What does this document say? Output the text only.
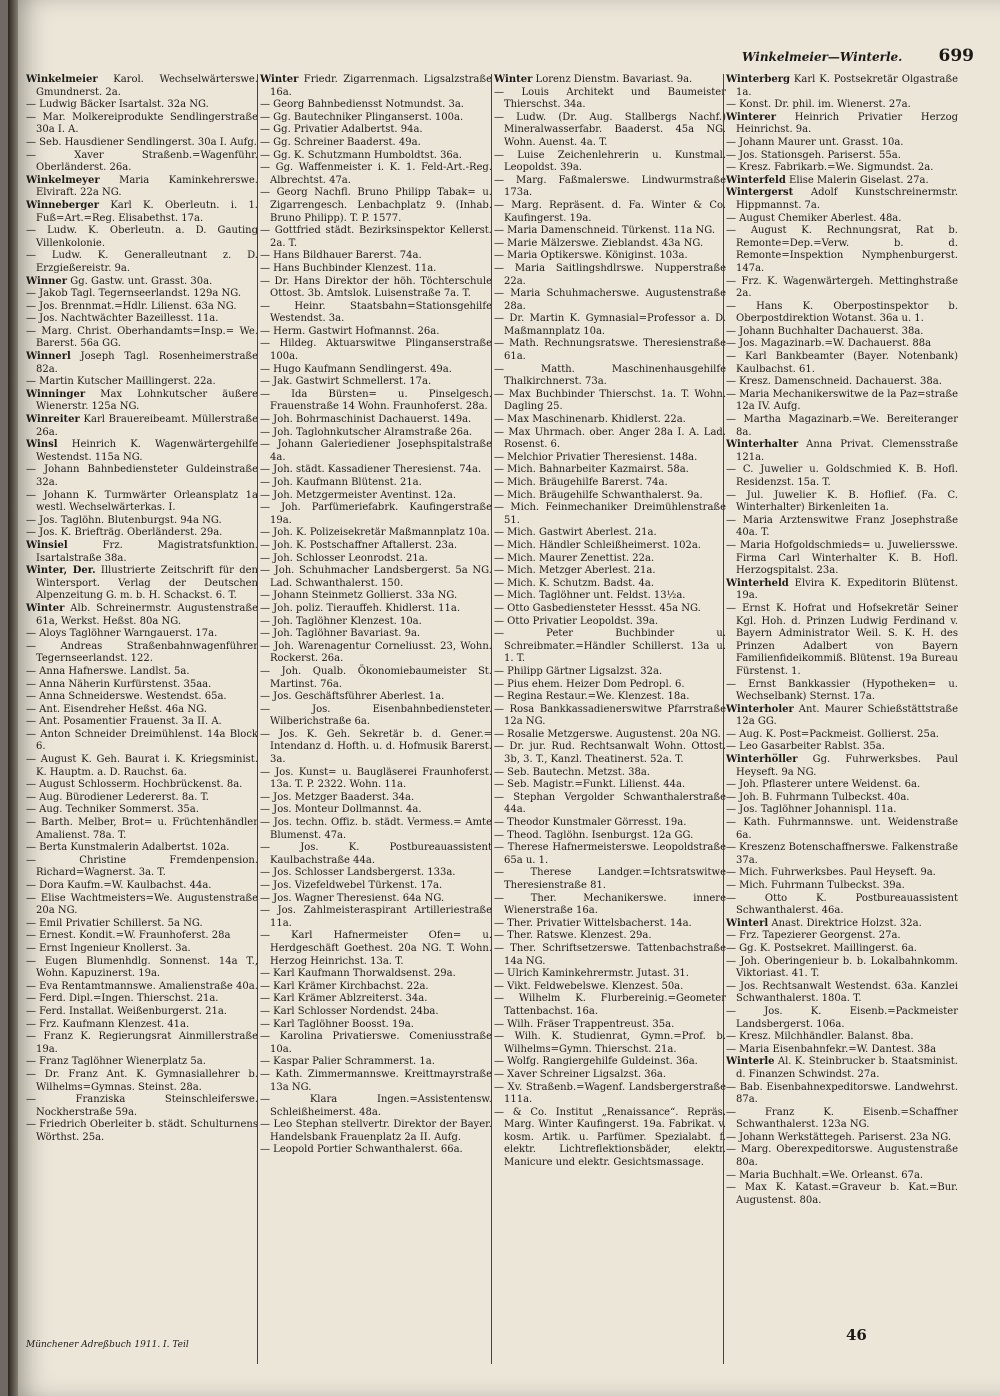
Winkelmeier—Winterle. 699

Winkelmeier Karol. Wechselwärterswe. Gmundnerst. 2a.

— Ludwig Bäcker Isartalst. 32a NG.

— Mar. Molkereiprodukte Sendlingerstraße 30a I. A.

— Seb. Hausdiener Sendlingerst. 30a I. Aufg.

— Xaver Straßenb.=Wagenführ. Oberländerst. 26a.

Winkelmeyer Maria Kaminkehrerswe. Elviraft. 22a NG.

Winneberger Karl K. Oberleutn. i. 1. Fuß=Art.=Reg. Elisabethst. 17a.

— Ludw. K. Oberleutn. a. D. Gauting Villenkolonie.

— Ludw. K. Generalleutnant z. D. Erzgießereistr. 9a.

Winner Gg. Gastw. unt. Grasst. 30a.

— Jakob Tagl. Tegernseerlandst. 129a NG.

— Jos. Brennmat.=Hdlr. Lilienst. 63a NG.

— Jos. Nachtwächter Bazeillesst. 11a.

— Marg. Christ. Oberhandamts=Insp.= We. Barerst. 56a GG.

Winnerl Joseph Tagl. Rosenheimerstraße 82a.

— Martin Kutscher Maillingerst. 22a.

Winninger Max Lohnkutscher äußere Wienerstr. 125a NG.

Winreiter Karl Brauereibeamt. Müllerstraße 26a.

Winsl Heinrich K. Wagenwärtergehilfe Westendst. 115a NG.

— Johann Bahnbediensteter Guldeinstraße 32a.

— Johann K. Turmwärter Orleansplatz 1a westl. Wechselwärterkas. I.

— Jos. Taglöhn. Blutenburgst. 94a NG.

— Jos. K. Briefträg. Oberländerst. 29a.

Winsiel Frz. Magistratsfunktion. Isartalstraße 38a.

Winter, Der. Illustrierte Zeitschrift für den Wintersport. Verlag der Deutschen Alpenzeitung G. m. b. H. Schackst. 6. T.

Winter Alb. Schreinermstr. Augustenstraße 61a, Werkst. Heßst. 80a NG.

— Aloys Taglöhner Warngauerst. 17a.

— Andreas Straßenbahnwagenführer Tegernseerlandst. 122.

— Anna Hafnerswe. Landlst. 5a.

— Anna Näherin Kurfürstenst. 35aa.

— Anna Schneiderswe. Westendst. 65a.

— Ant. Eisendreher Heßst. 46a NG.

— Ant. Posamentier Frauenst. 3a II. A.

— Anton Schneider Dreimühlenst. 14a Block 6.

— August K. Geh. Baurat i. K. Kriegsminist. K. Hauptm. a. D. Rauchst. 6a.

— August Schlosserm. Hochbrückenst. 8a.

— Aug. Bürodiener Ledererst. 8a. T.

— Aug. Techniker Sommerst. 35a.

— Barth. Melber, Brot= u. Früchtenhändler Amalienst. 78a. T.

— Berta Kunstmalerin Adalbertst. 102a.

— Christine Fremdenpension. Richard=Wagnerst. 3a. T.

— Dora Kaufm.=W. Kaulbachst. 44a.

— Elise Wachtmeisters=We. Augustenstraße 20a NG.

— Emil Privatier Schillerst. 5a NG.

— Ernest. Kondit.=W. Fraunhoferst. 28a

— Ernst Ingenieur Knollerst. 3a.

— Eugen Blumenhdlg. Sonnenst. 14a T., Wohn. Kapuzinerst. 19a.

— Eva Rentamtmannswe. Amalienstraße 40a.

— Ferd. Dipl.=Ingen. Thierschst. 21a.

— Ferd. Installat. Weißenburgerst. 21a.

— Frz. Kaufmann Klenzest. 41a.

— Franz K. Regierungsrat Ainmillerstraße 19a.

— Franz Taglöhner Wienerplatz 5a.

— Dr. Franz Ant. K. Gymnasiallehrer b. Wilhelms=Gymnas. Steinst. 28a.

— Franziska Steinschleiferswe. Nockherstraße 59a.

— Friedrich Oberleiter b. städt. Schulturnens Wörthst. 25a.

Winter Friedr. Zigarrenmach. Ligsalzstraße 16a.

— Georg Bahnbediensst Notmundst. 3a.

— Gg. Bautechniker Plinganserst. 100a.

— Gg. Privatier Adalbertst. 94a.

— Gg. Schreiner Baaderst. 49a.

— Gg. K. Schutzmann Humboldtst. 36a.

— Gg. Waffenmeister i. K. 1. Feld-Art.-Reg. Albrechtst. 47a.

— Georg Nachfl. Bruno Philipp Tabak= u. Zigarrengesch. Lenbachplatz 9. (Inhab. Bruno Philipp). T. P. 1577.

— Gottfried städt. Bezirksinspektor Kellerst. 2a. T.

— Hans Bildhauer Barerst. 74a.

— Hans Buchbinder Klenzest. 11a.

— Dr. Hans Direktor der höh. Töchterschule Ottost. 3b. Amtslok. Luisenstraße 7a. T.

— Heinr. Staatsbahn=Stationsgehilfe Westendst. 3a.

— Herm. Gastwirt Hofmannst. 26a.

— Hildeg. Aktuarswitwe Plinganserstraße 100a.

— Hugo Kaufmann Sendlingerst. 49a.

— Jak. Gastwirt Schmellerst. 17a.

— Ida Bürsten= u. Pinselgesch. Frauenstraße 14 Wohn. Fraunhoferst. 28a.

— Joh. Bohrmaschinist Dachauerst. 149a.

— Joh. Taglohnkutscher Alramstraße 26a.

— Johann Galeriediener Josephspitalstraße 4a.

— Joh. städt. Kassadiener Theresienst. 74a.

— Joh. Kaufmann Blütenst. 21a.

— Joh. Metzgermeister Aventinst. 12a.

— Joh. Parfümeriefabrk. Kaufingerstraße 19a.

— Joh. K. Polizeisekretär Maßmannplatz 10a.

— Joh. K. Postschaffner Aftallerst. 23a.

— Joh. Schlosser Leonrodst. 21a.

— Joh. Schuhmacher Landsbergerst. 5a NG. Lad. Schwanthalerst. 150.

— Johann Steinmetz Gollierst. 33a NG.

— Joh. poliz. Tierauffeh. Khidlerst. 11a.

— Joh. Taglöhner Klenzest. 10a.

— Joh. Taglöhner Bavariast. 9a.

— Joh. Warenagentur Corneliusst. 23, Wohn. Rockerst. 26a.

— Joh. Qualb. Ökonomiebaumeister St. Martinst. 76a.

— Jos. Geschäftsführer Aberlest. 1a.

— Jos. Eisenbahnbediensteter. Wilberichstraße 6a.

— Jos. K. Geh. Sekretär b. d. Gener.= Intendanz d. Hofth. u. d. Hofmusik Barerst. 3a.

— Jos. Kunst= u. Baugläserei Fraunhoferst. 13a. T. P. 2322. Wohn. 11a.

— Jos. Metzger Baaderst. 34a.

— Jos. Monteur Dollmannst. 4a.

— Jos. techn. Offiz. b. städt. Vermess.= Amte Blumenst. 47a.

— Jos. K. Postbureauassistent Kaulbachstraße 44a.

— Jos. Schlosser Landsbergerst. 133a.

— Jos. Vizefeldwebel Türkenst. 17a.

— Jos. Wagner Theresienst. 64a NG.

— Jos. Zahlmeisteraspirant Artilleriestraße 11a.

— Karl Hafnermeister Ofen= u. Herdgeschäft Goethest. 20a NG. T. Wohn. Herzog Heinrichst. 13a. T.

— Karl Kaufmann Thorwaldsenst. 29a.

— Karl Krämer Kirchbachst. 22a.

— Karl Krämer Ablzreiterst. 34a.

— Karl Schlosser Nordendst. 24ba.

— Karl Taglöhner Boosst. 19a.

— Karolina Privatierswe. Comeniusstraße 10a.

— Kaspar Palier Schrammerst. 1a.

— Kath. Zimmermannswe. Kreittmayrstraße 13a NG.

— Klara Ingen.=Assistentensw. Schleißheimerst. 48a.

— Leo Stephan stellvertr. Direktor der Bayer. Handelsbank Frauenplatz 2a II. Aufg.

— Leopold Portier Schwanthalerst. 66a.

Winter Lorenz Dienstm. Bavariast. 9a.

— Louis Architekt und Baumeister Thierschst. 34a.

— Ludw. (Dr. Aug. Stallbergs Nachf.) Mineralwasserfabr. Baaderst. 45a NG. Wohn. Auenst. 4a. T.

— Luise Zeichenlehrerin u. Kunstmal. Leopoldst. 39a.

— Marg. Faßmalerswe. Lindwurmstraße 173a.

— Marg. Repräsent. d. Fa. Winter & Co. Kaufingerst. 19a.

— Maria Damenschneid. Türkenst. 11a NG.

— Marie Mälzerswe. Zieblandst. 43a NG.

— Maria Optikerswe. Königinst. 103a.

— Maria Saitlingshdlrswe. Nupperstraße 22a.

— Maria Schuhmacherswe. Augustenstraße 28a.

— Dr. Martin K. Gymnasial=Professor a. D. Maßmannplatz 10a.

— Math. Rechnungsratswe. Theresienstraße 61a.

— Matth. Maschinenhausgehilfe Thalkirchnerst. 73a.

— Max Buchbinder Thierschst. 1a. T. Wohn. Dagling 25.

— Max Maschinenarb. Khidlerst. 22a.

— Max Uhrmach. ober. Anger 28a I. A. Lad. Rosenst. 6.

— Melchior Privatier Theresienst. 148a.

— Mich. Bahnarbeiter Kazmairst. 58a.

— Mich. Bräugehilfe Barerst. 74a.

— Mich. Bräugehilfe Schwanthalerst. 9a.

— Mich. Feinmechaniker Dreimühlenstraße 51.

— Mich. Gastwirt Aberlest. 21a.

— Mich. Händler Schleißheimerst. 102a.

— Mich. Maurer Zenettist. 22a.

— Mich. Metzger Aberlest. 21a.

— Mich. K. Schutzm. Badst. 4a.

— Mich. Taglöhner unt. Feldst. 13½a.

— Otto Gasbediensteter Hessst. 45a NG.

— Otto Privatier Leopoldst. 39a.

— Peter Buchbinder u. Schreibmater.=Händler Schillerst. 13a u. 1. T.

— Philipp Gärtner Ligsalzst. 32a.

— Pius ehem. Heizer Dom Pedropl. 6.

— Regina Restaur.=We. Klenzest. 18a.

— Rosa Bankkassadienerswitwe Pfarrstraße 12a NG.

— Rosalie Metzgerswe. Augustenst. 20a NG.

— Dr. jur. Rud. Rechtsanwalt Wohn. Ottost. 3b, 3. T., Kanzl. Theatinerst. 52a. T.

— Seb. Bautechn. Metzst. 38a.

— Seb. Magistr.=Funkt. Lilienst. 44a.

— Stephan Vergolder Schwanthalerstraße 44a.

— Theodor Kunstmaler Görresst. 19a.

— Theod. Taglöhn. Isenburgst. 12a GG.

— Therese Hafnermeisterswe. Leopoldstraße 65a u. 1.

— Therese Landger.=Ichtsratswitwe Theresienstraße 81.

— Ther. Mechanikerswe. innere Wienerstraße 16a.

— Ther. Privatier Wittelsbacherst. 14a.

— Ther. Ratswe. Klenzest. 29a.

— Ther. Schriftsetzerswe. Tattenbachstraße 14a NG.

— Ulrich Kaminkehrermstr. Jutast. 31.

— Vikt. Feldwebelswe. Klenzest. 50a.

— Wilhelm K. Flurbereinig.=Geometer Tattenbachst. 16a.

— Wilh. Fräser Trappentreust. 35a.

— Wilh. K. Studienrat, Gymn.=Prof. b. Wilhelms=Gymn. Thierschst. 21a.

— Wolfg. Rangiergehilfe Guldeinst. 36a.

— Xaver Schreiner Ligsalzst. 36a.

— Xv. Straßenb.=Wagenf. Landsbergerstraße 111a.

— & Co. Institut „Renaissance“. Repräs. Marg. Winter Kaufingerst. 19a. Fabrikat. v. kosm. Artik. u. Parfümer. Spezialabt. f. elektr. Lichtreflektionsbäder, elektr. Manicure und elektr. Gesichtsmassage.

Winterberg Karl K. Postsekretär Olgastraße 1a.

— Konst. Dr. phil. im. Wienerst. 27a.

Winterer Heinrich Privatier Herzog Heinrichst. 9a.

— Johann Maurer unt. Grasst. 10a.

— Jos. Stationsgeh. Pariserst. 55a.

— Kresz. Fabrikarb.=We. Sigmundst. 2a.

Winterfeld Elise Malerin Giselast. 27a.

Wintergerst Adolf Kunstschreinermstr. Hippmannst. 7a.

— August Chemiker Aberlest. 48a.

— August K. Rechnungsrat, Rat b. Remonte=Dep.=Verw. b. d. Remonte=Inspektion Nymphenburgerst. 147a.

— Frz. K. Wagenwärtergeh. Mettinghstraße 2a.

— Hans K. Oberpostinspektor b. Oberpostdirektion Wotanst. 36a u. 1.

— Johann Buchhalter Dachauerst. 38a.

— Jos. Magazinarb.=W. Dachauerst. 88a

— Karl Bankbeamter (Bayer. Notenbank) Kaulbachst. 61.

— Kresz. Damenschneid. Dachauerst. 38a.

— Maria Mechanikerswitwe de la Paz=straße 12a IV. Aufg.

— Martha Magazinarb.=We. Bereiteranger 8a.

Winterhalter Anna Privat. Clemensstraße 121a.

— C. Juwelier u. Goldschmied K. B. Hofl. Residenzst. 15a. T.

— Jul. Juwelier K. B. Hoflief. (Fa. C. Winterhalter) Birkenleiten 1a.

— Maria Arztenswitwe Franz Josephstraße 40a. T.

— Maria Hofgoldschmieds= u. Juweliersswe. Firma Carl Winterhalter K. B. Hofl. Herzogspitalst. 23a.

Winterheld Elvira K. Expeditorin Blütenst. 19a.

— Ernst K. Hofrat und Hofsekretär Seiner Kgl. Hoh. d. Prinzen Ludwig Ferdinand v. Bayern Administrator Weil. S. K. H. des Prinzen Adalbert von Bayern Familienfideikommiß. Blütenst. 19a Bureau Fürstenst. 1.

— Ernst Bankkassier (Hypotheken= u. Wechselbank) Sternst. 17a.

Winterholer Ant. Maurer Schießstättstraße 12a GG.

— Aug. K. Post=Packmeist. Gollierst. 25a.

— Leo Gasarbeiter Rablst. 35a.

Winterhöller Gg. Fuhrwerksbes. Paul Heyseft. 9a NG.

— Joh. Pflasterer untere Weidenst. 6a.

— Joh. B. Fuhrmann Tulbeckst. 40a.

— Jos. Taglöhner Johannispl. 11a.

— Kath. Fuhrmannswe. unt. Weidenstraße 6a.

— Kreszenz Botenschaffnerswe. Falkenstraße 37a.

— Mich. Fuhrwerksbes. Paul Heyseft. 9a.

— Mich. Fuhrmann Tulbeckst. 39a.

— Otto K. Postbureauassistent Schwanthalerst. 46a.

Winterl Anast. Direktrice Holzst. 32a.

— Frz. Tapezierer Georgenst. 27a.

— Gg. K. Postsekret. Maillingerst. 6a.

— Joh. Oberingenieur b. b. Lokalbahnkomm. Viktoriast. 41. T.

— Jos. Rechtsanwalt Westendst. 63a. Kanzlei Schwanthalerst. 180a. T.

— Jos. K. Eisenb.=Packmeister Landsbergerst. 106a.

— Kresz. Milchhändler. Balanst. 8ba.

— Maria Eisenbahnfekr.=W. Dantest. 38a

Winterle Al. K. Steinbrucker b. Staatsminist. d. Finanzen Schwindst. 27a.

— Bab. Eisenbahnexpeditorswe. Landwehrst. 87a.

— Franz K. Eisenb.=Schaffner Schwanthalerst. 123a NG.

— Johann Werkstättegeh. Pariserst. 23a NG.

— Marg. Oberexpeditorswe. Augustenstraße 80a.

— Maria Buchhalt.=We. Orleanst. 67a.

— Max K. Katast.=Graveur b. Kat.=Bur. Augustenst. 80a.

Münchener Adreßbuch 1911. I. Teil
46
